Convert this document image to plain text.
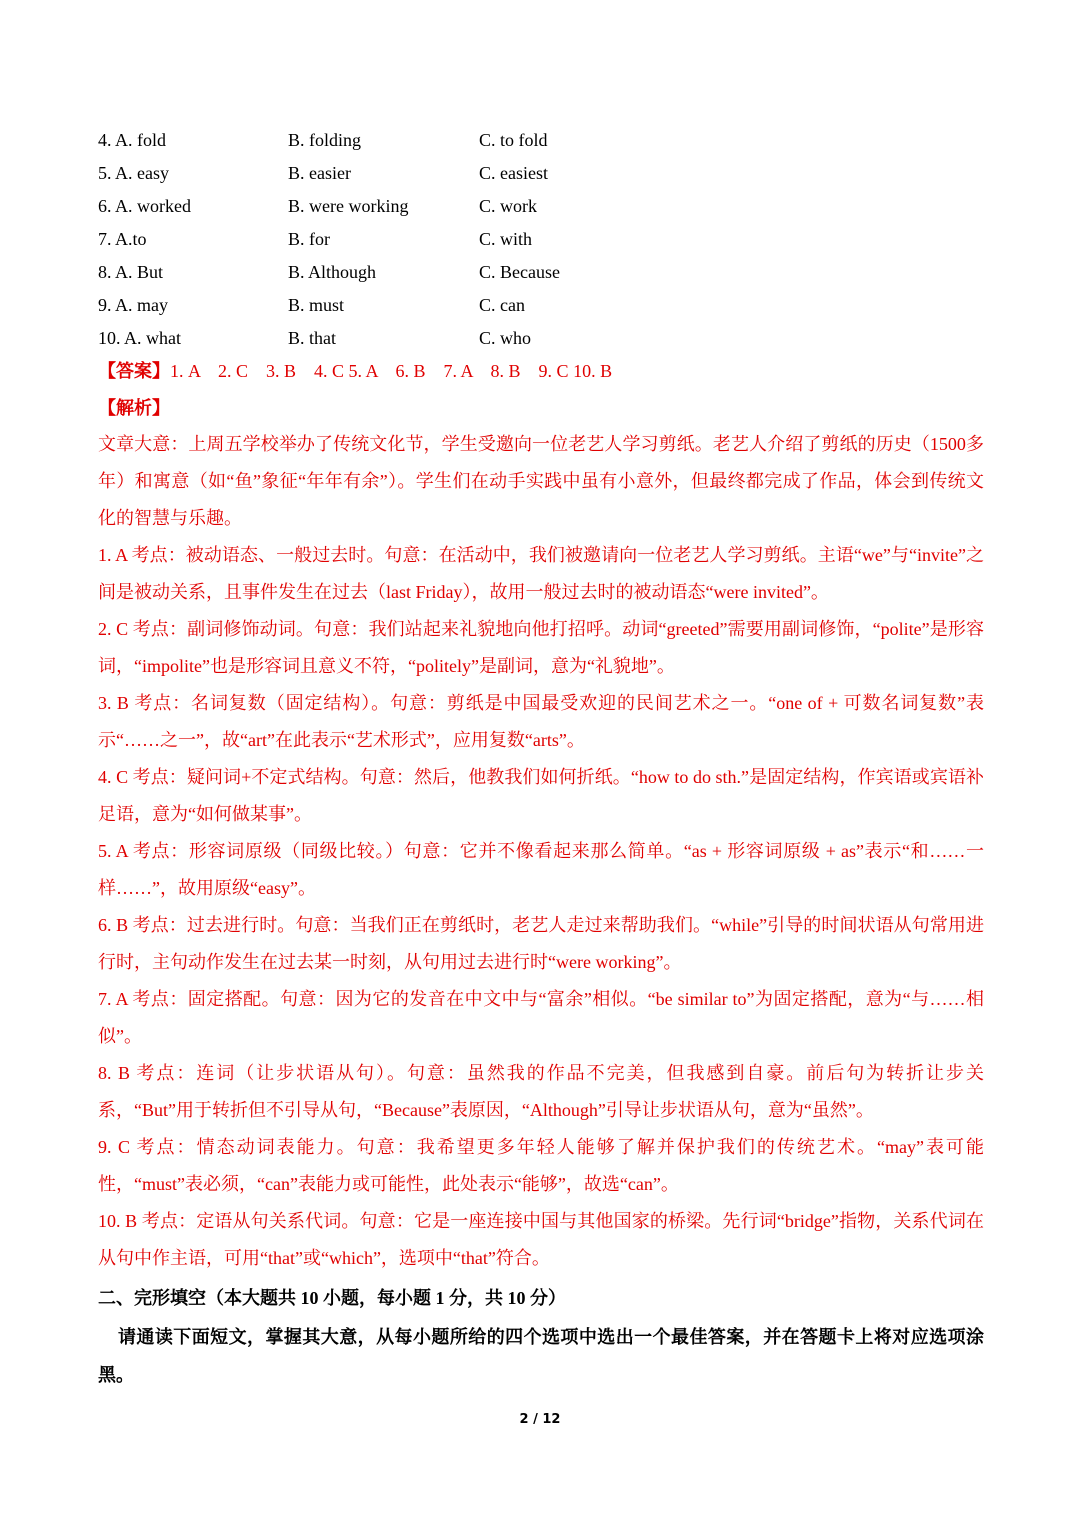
4. A. fold	B. folding	C. to fold
5. A. easy	B. easier	C. easiest
6. A. worked	B. were working	C. work
7. A.to	B. for	C. with
8. A. But	B. Although	C. Because
9. A. may	B. must	C. can
10. A. what	B. that	C. who
【答案】1. A　2. C　3. B　4. C 5. A　6. B　7. A　8. B　9. C 10. B
【解析】

文章大意：上周五学校举办了传统文化节，学生受邀向一位老艺人学习剪纸。老艺人介绍了剪纸的历史（1500多年）和寓意（如“鱼”象征“年年有余”）。学生们在动手实践中虽有小意外，但最终都完成了作品，体会到传统文化的智慧与乐趣。

1. A 考点：被动语态、一般过去时。句意：在活动中，我们被邀请向一位老艺人学习剪纸。主语“we”与“invite”之间是被动关系，且事件发生在过去（last Friday），故用一般过去时的被动语态“were invited”。

2. C 考点：副词修饰动词。句意：我们站起来礼貌地向他打招呼。动词“greeted”需要用副词修饰，“polite”是形容词，“impolite”也是形容词且意义不符，“politely”是副词，意为“礼貌地”。

3. B 考点：名词复数（固定结构）。句意：剪纸是中国最受欢迎的民间艺术之一。“one of + 可数名词复数”表示“……之一”，故“art”在此表示“艺术形式”，应用复数“arts”。

4. C 考点：疑问词+不定式结构。句意：然后，他教我们如何折纸。“how to do sth.”是固定结构，作宾语或宾语补足语，意为“如何做某事”。

5. A 考点：形容词原级（同级比较。）句意：它并不像看起来那么简单。“as + 形容词原级 + as”表示“和……一样……”，故用原级“easy”。

6. B 考点：过去进行时。句意：当我们正在剪纸时，老艺人走过来帮助我们。“while”引导的时间状语从句常用进行时，主句动作发生在过去某一时刻，从句用过去进行时“were working”。

7. A 考点：固定搭配。句意：因为它的发音在中文中与“富余”相似。“be similar to”为固定搭配，意为“与……相似”。

8. B 考点：连词（让步状语从句）。句意：虽然我的作品不完美，但我感到自豪。前后句为转折让步关系，“But”用于转折但不引导从句，“Because”表原因，“Although”引导让步状语从句，意为“虽然”。

9. C 考点：情态动词表能力。句意：我希望更多年轻人能够了解并保护我们的传统艺术。“may”表可能性，“must”表必须，“can”表能力或可能性，此处表示“能够”，故选“can”。

10. B 考点：定语从句关系代词。句意：它是一座连接中国与其他国家的桥梁。先行词“bridge”指物，关系代词在从句中作主语，可用“that”或“which”，选项中“that”符合。

二、完形填空（本大题共 10 小题，每小题 1 分，共 10 分）

请通读下面短文，掌握其大意，从每小题所给的四个选项中选出一个最佳答案，并在答题卡上将对应选项涂黑。

2 / 12
